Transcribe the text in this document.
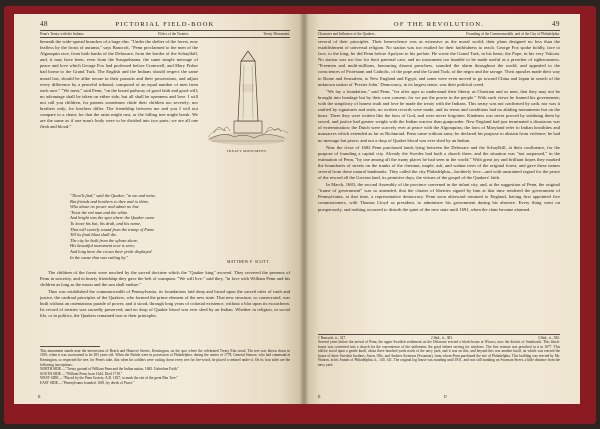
48	PICTORIAL FIELD-BOOK
Penn's Treaty with the Indians.	Effect of the Treaties.	Treaty Monument.
TREATY MONUMENT.
beneath the wide-spread branches of a huge elm. "Under the shelter of the forest, now leafless by the frosts of autumn," says Bancroft, "Penn proclaimed to the men of the Algonquin race, from both banks of the Delaware, from the border of the Schuylkill, and, it may have been, even from the Susquehanna, the same simple message of peace and love which George Fox had professed before Cromwell, and Mary Fisher had borne to the Grand Turk. The English and the Indians should respect the same moral law, should be alike secure in their pursuits and their possessions, and adjust every difference by a peaceful tribunal, composed of an equal number of men from each race." "We meet," said Penn, "on the broad pathway of good faith and good will; no advantage shall be taken on either side, but all shall be openness and love. I will not call you children, for parents sometimes chide their children too severely; nor brothers only; for brothers differ. The friendship between me and you I will not compare to a chain; for that the rains might rust, or the falling tree might break. We are the same as if one man's body were to be divided into two parts; we are all one flesh and blood."
"Thou'lt find," said the Quaker, "in me and mine,
But friends and brothers to thee and to thine,
Who abuse no power and admit no line
'Twixt the red man and the white.
And bright was the spot where the Quaker came
To leave his hat, his drab, and his name,
That will sweetly sound from the trump of Fame
Till its final blast shall die.
The city he built from the sylvan shore,
His beautiful monument now is seen;
And long have the crown their pride displayed
In the cause that was sailing by."
MATTHEW F. SCOTT.
The children of the forest were touched by the sacred doctrine which the "Quaker king" avowed. They received the presents of Penn in sincerity, and in hearty friendship they gave the belt of wampum. "We will live," said they, "in love with William Penn and his children as long as the moon and the sun shall endure."
Thus was established the commonwealth of Pennsylvania, its foundations laid deep and broad upon the sacred rules of truth and justice, the cardinal principles of the Quakers, who formed the prime element of the new state. That new structure, so consecrated, was built without an ostentatious parade of power, and it stood, through long years of colonial existence, without a blot upon its escutcheon. Its record of treaties was sacredly preserved, and no drop of Quaker blood was ever shed by an Indian. Whether in religion, in social life, or in politics, the Quakers remained true to their principles.
This monument stands near the intersection of Beach and Hanover Streets, Kensington, on the spot where the celebrated Treaty Elm stood. The tree was blown down in 1810, when it was ascertained to be 283 years old. When the British were in possession of Philadelphia, during the winter of 1778, General Simcoe, who had command at Kensington, so respected the tree, for Penn's sake, that when his soldiers were cutting down every tree for fire-wood, he placed a sentinel under it. On its four sides are the following inscriptions:
NORTH SIDE.—"Treaty ground of William Penn and the Indian nation, 1682. Unbroken Faith."
SOUTH SIDE.—"William Penn, born 1644. Died 1718."
WEST SIDE.—"Placed by the Penn Society, A.D. 1827, to mark the site of the great Elm Tree."
EAST SIDE.—"Pennsylvania founded, 1681, by deeds of Peace."
II.
OF THE REVOLUTION.	49
Character and Influence of the Quakers.	Founding of the Commonwealth, and of the City of Philadelphia.
several of their principles. Their benevolence was as extensive as the moral world; their plans designed no less than the establishment of universal religion. No station was too exalted for their faithfulness to reach. George Fox spoke boldly, face to face, to the king; he did Penn before Apolyon to his prelate. He wrote the Grand Turk, in his beast; the Pope, in his very Vatican. No station was too low for their paternal care, and no instrument too humble to be made useful as a preacher of righteousness. "Freemen and multi-millions, honouring dissent preachers, sounded the alarm throughout the world, and appealed to the consciences of Protestant and Catholic, of the pope and the Grand Turk, of the negro and the savage. Their apostles made their way to Rome and Jerusalem, to New England and Egypt; and some were even moved to go toward China and Japan in search of the unknown nation of 'Prester John.' Democracy, in its largest sense, was their political creed.
"We lay a foundation," said Penn, "for after ages to understand their liberty as Christian and as men, that they may not be brought into bondage but by their own consent; for we put the power in the people." With such views he framed his government; with the simplicity of honest truth and love he made the treaty with the Indians. This treaty was not confirmed by oath, nor was it ratified by signatures and seals; no written records were made, and its terms and conditions had no abiding monuments but on the heart. There they were written like the laws of God, and were never forgotten. Kindness was never proved by subduing them by sword, and justice had greater weight with the Indian warrior than gunpowder. New England had just terminated a disastrous war of extermination; the Dutch were scarcely ever at peace with the Algonquins; the laws of Maryland refer to Indian hostilities and massacres which extended as far as Richmond. Penn came without arms; he declared his purpose to abstain from violence; he had no message but peace; and not a drop of Quaker blood was ever shed by an Indian.
Near the close of 1682 Penn purchased lands lying between the Delaware and the Schuylkill, at their confluence, for the purpose of founding a capital city. Already the Swedes had built a church there, and the situation was "not surpassed," in the estimation of Penn, "by one among all the many places he had seen in the world." With great joy and brilliant hopes they marked the boundaries of streets on the trunks of the chestnut, maple, ash, and walnut trees of the original forest, and gave these names several from these natural landmarks. They called the city Philadelphia—brotherly love—and with unstrained regard for the peace of the reward all the Grecian land, its primitive days, the virtues of the gospel of the Quakers' faith.
In March, 1683, the second Assembly of the province convened in the infant city, and, at the suggestion of Penn, the original "frame of government" was so amended, that the charter of liberties signed by him at that time rendered the government of Pennsylvania, at that time, a representative democracy. Penn soon afterward returned to England, having first appointed five commissioners, with Thomas Lloyd as president, to administer his government during his absence. Every thing went on prosperously, and nothing occurred to disturb the quiet of the new state until 1691, when the clans became alarmed.
1 Bancroft, ii., 327.	2 Ibid., ii., 381.	3 Ibid., ii., 382.
Several years before the arrival of Penn, the upper Swedish settlement on the Delaware erected a block-house at Wicaco, now the district of Southwark. This block-house was converted into a church for the convenience of the settlement, the good fathers serving for windows. The first sermon was preached in it in 1677. This edifice stood upon a gentle knoll, about three hundred yards north of the navy yard, and it was on this, and beyond this was another knoll, on which was erected the house of three Swedish brothers, Swen, Olle, and Andries Swenson (Swanson), from whom Penn purchased the site of Philadelphia. This building was erected by Mr. Watson, in his Annals of Philadelphia, ii., 140, 141. The original log house was standing until 1811, and was still standing on Swanson Street, a little distance from the navy yard.
II.	D
